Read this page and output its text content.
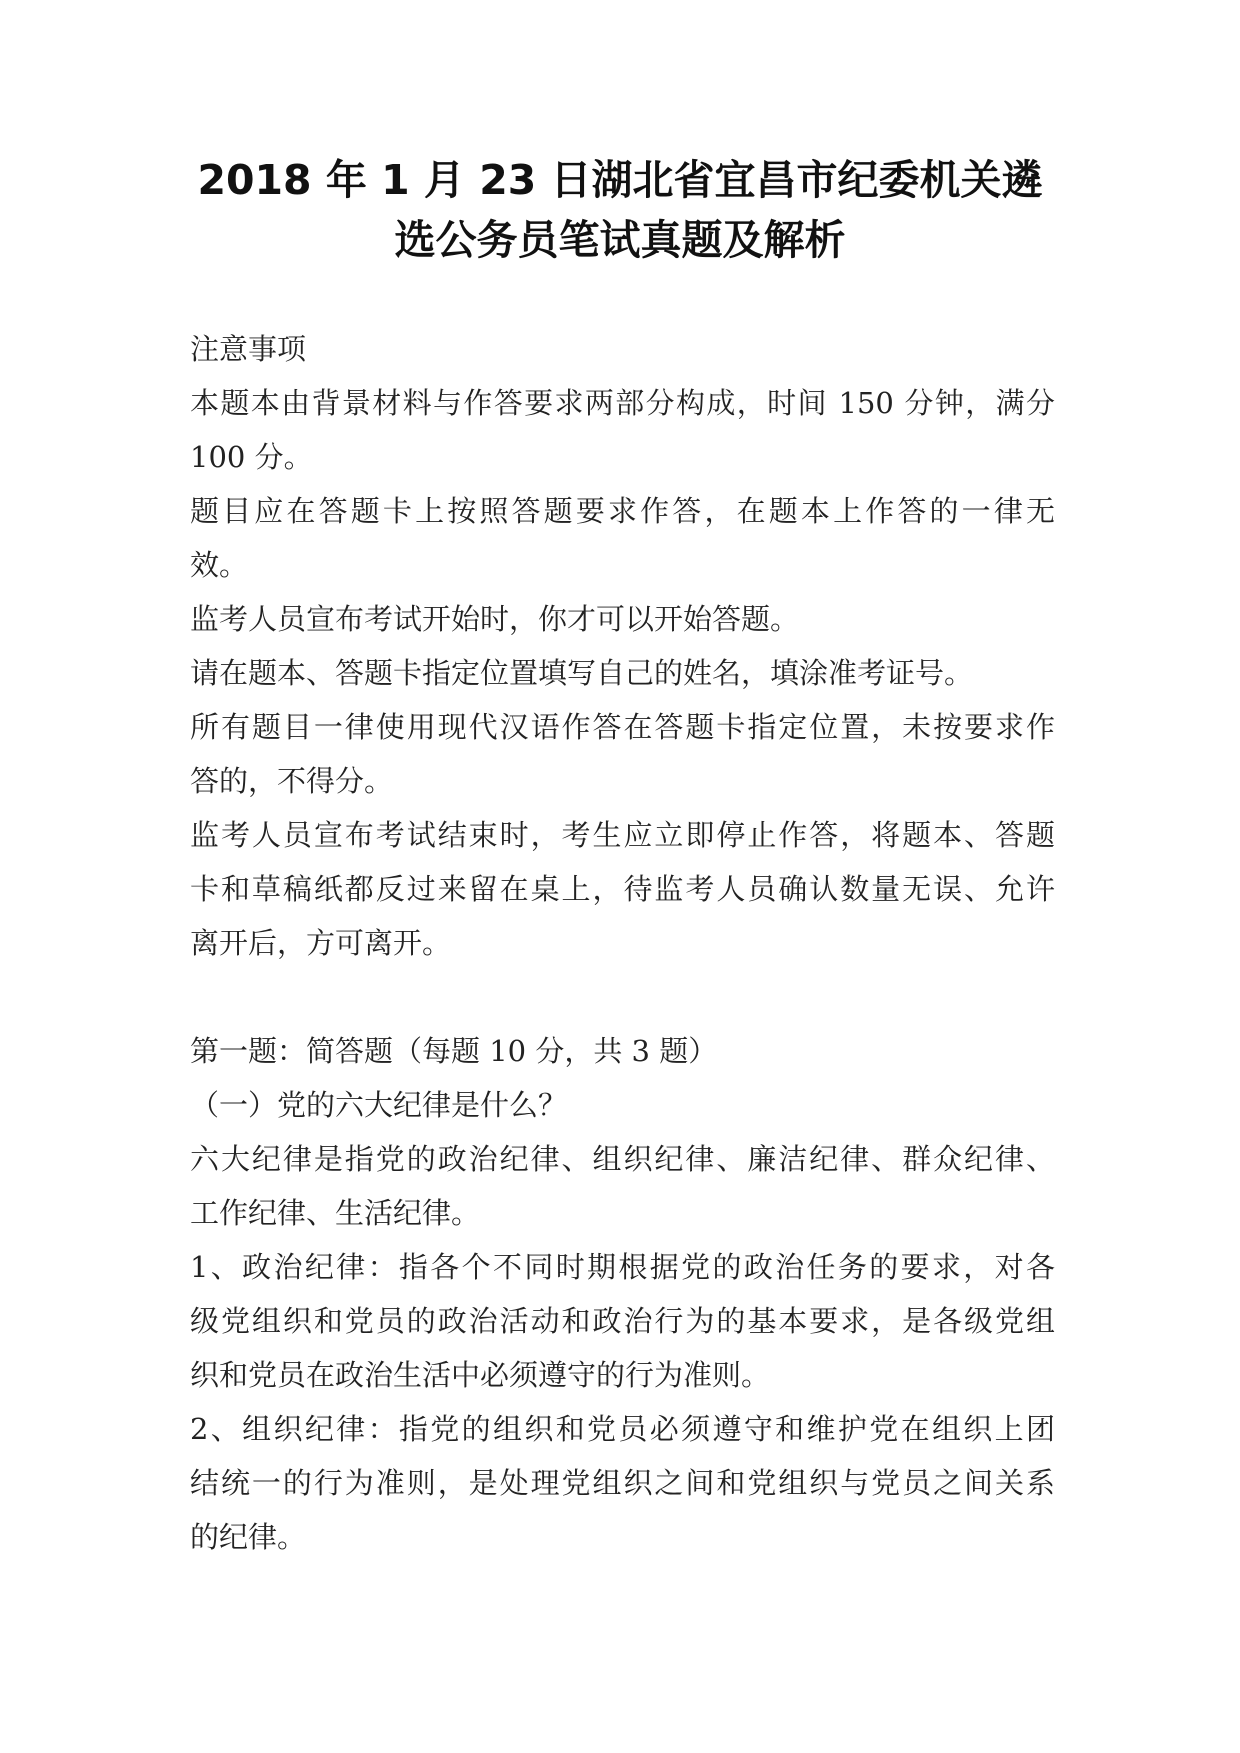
2018 年 1 月 23 日湖北省宜昌市纪委机关遴
选公务员笔试真题及解析
注意事项
本题本由背景材料与作答要求两部分构成，时间 150 分钟，满分
100 分。
题目应在答题卡上按照答题要求作答，在题本上作答的一律无
效。
监考人员宣布考试开始时，你才可以开始答题。
请在题本、答题卡指定位置填写自己的姓名，填涂准考证号。
所有题目一律使用现代汉语作答在答题卡指定位置，未按要求作
答的，不得分。
监考人员宣布考试结束时，考生应立即停止作答，将题本、答题
卡和草稿纸都反过来留在桌上，待监考人员确认数量无误、允许
离开后，方可离开。
第一题：简答题（每题 10 分，共 3 题）
（一）党的六大纪律是什么？
六大纪律是指党的政治纪律、组织纪律、廉洁纪律、群众纪律、
工作纪律、生活纪律。
1、政治纪律：指各个不同时期根据党的政治任务的要求，对各
级党组织和党员的政治活动和政治行为的基本要求，是各级党组
织和党员在政治生活中必须遵守的行为准则。
2、组织纪律：指党的组织和党员必须遵守和维护党在组织上团
结统一的行为准则，是处理党组织之间和党组织与党员之间关系
的纪律。
